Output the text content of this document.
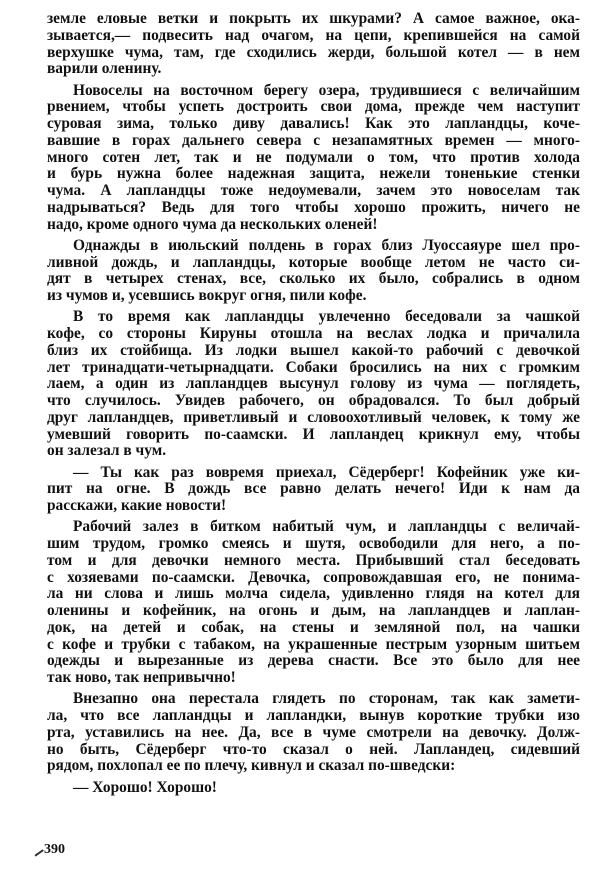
земле еловые ветки и покрыть их шкурами? А самое важное, ока-
зывается,— подвесить над очагом, на цепи, крепившейся на самой
верхушке чума, там, где сходились жерди, большой котел — в нем
варили оленину.
Новоселы на восточном берегу озера, трудившиеся с величайшим
рвением, чтобы успеть достроить свои дома, прежде чем наступит
суровая зима, только диву давались! Как это лапландцы, коче-
вавшие в горах дальнего севера с незапамятных времен — много-
много сотен лет, так и не подумали о том, что против холода
и бурь нужна более надежная защита, нежели тоненькие стенки
чума. А лапландцы тоже недоумевали, зачем это новоселам так
надрываться? Ведь для того чтобы хорошо прожить, ничего не
надо, кроме одного чума да нескольких оленей!
Однажды в июльский полдень в горах близ Луоссаяуре шел про-
ливной дождь, и лапландцы, которые вообще летом не часто си-
дят в четырех стенах, все, сколько их было, собрались в одном
из чумов и, усевшись вокруг огня, пили кофе.
В то время как лапландцы увлеченно беседовали за чашкой
кофе, со стороны Кируны отошла на веслах лодка и причалила
близ их стойбища. Из лодки вышел какой-то рабочий с девочкой
лет тринадцати-четырнадцати. Собаки бросились на них с громким
лаем, а один из лапландцев высунул голову из чума — поглядеть,
что случилось. Увидев рабочего, он обрадовался. То был добрый
друг лапландцев, приветливый и словоохотливый человек, к тому же
умевший говорить по-саамски. И лапландец крикнул ему, чтобы
он залезал в чум.
— Ты как раз вовремя приехал, Сёдерберг! Кофейник уже ки-
пит на огне. В дождь все равно делать нечего! Иди к нам да
расскажи, какие новости!
Рабочий залез в битком набитый чум, и лапландцы с величай-
шим трудом, громко смеясь и шутя, освободили для него, а по-
том и для девочки немного места. Прибывший стал беседовать
с хозяевами по-саамски. Девочка, сопровождавшая его, не понима-
ла ни слова и лишь молча сидела, удивленно глядя на котел для
оленины и кофейник, на огонь и дым, на лапландцев и лаплан-
док, на детей и собак, на стены и земляной пол, на чашки
с кофе и трубки с табаком, на украшенные пестрым узорным шитьем
одежды и вырезанные из дерева снасти. Все это было для нее
так ново, так непривычно!
Внезапно она перестала глядеть по сторонам, так как замети-
ла, что все лапландцы и лапландки, вынув короткие трубки изо
рта, уставились на нее. Да, все в чуме смотрели на девочку. Долж-
но быть, Сёдерберг что-то сказал о ней. Лапландец, сидевший
рядом, похлопал ее по плечу, кивнул и сказал по-шведски:
— Хорошо! Хорошо!
390
